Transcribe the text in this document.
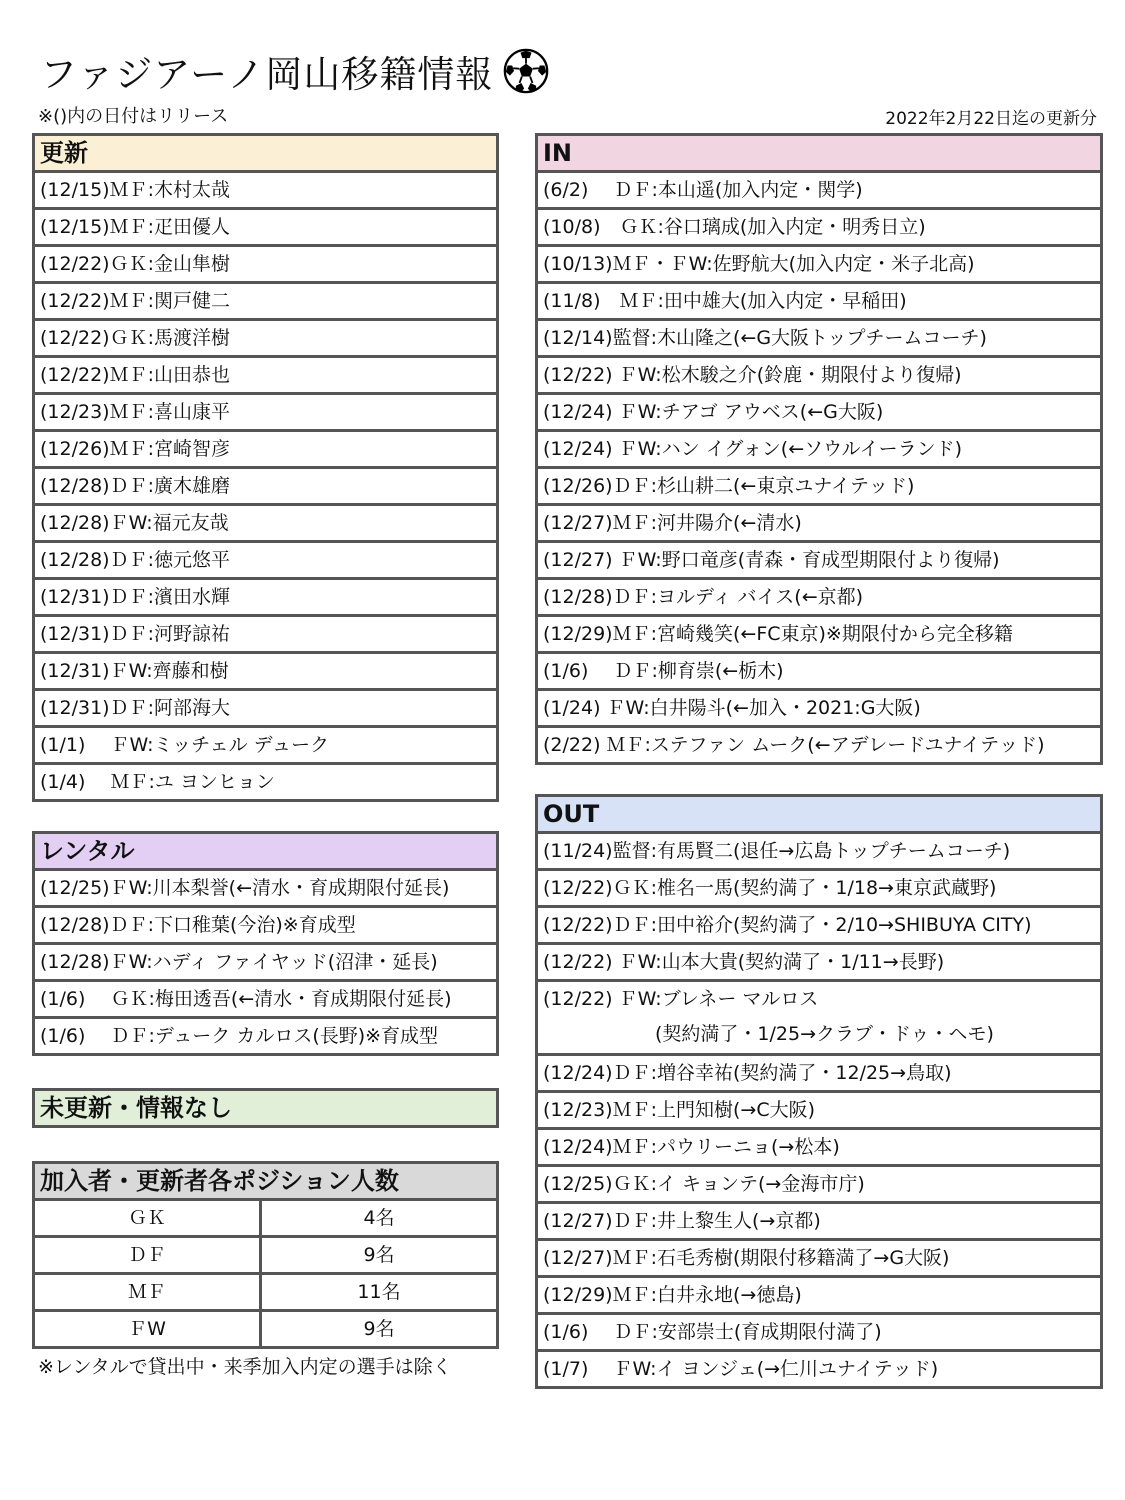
ファジアーノ岡山移籍情報
※()内の日付はリリース	2022年2月22日迄の更新分
更新
(12/15)ＭＦ:木村太哉
(12/15)ＭＦ:疋田優人
(12/22)ＧＫ:金山隼樹
(12/22)ＭＦ:関戸健二
(12/22)ＧＫ:馬渡洋樹
(12/22)ＭＦ:山田恭也
(12/23)ＭＦ:喜山康平
(12/26)ＭＦ:宮崎智彦
(12/28)ＤＦ:廣木雄磨
(12/28)ＦW:福元友哉
(12/28)ＤＦ:徳元悠平
(12/31)ＤＦ:濱田水輝
(12/31)ＤＦ:河野諒祐
(12/31)ＦW:齊藤和樹
(12/31)ＤＦ:阿部海大
(1/1)　 ＦW:ミッチェル デューク
(1/4)　 ＭＦ:ユ ヨンヒョン
レンタル
(12/25)ＦW:川本梨誉(←清水・育成期限付延長)
(12/28)ＤＦ:下口稚葉(今治)※育成型
(12/28)ＦW:ハディ ファイヤッド(沼津・延長)
(1/6)　 ＧＫ:梅田透吾(←清水・育成期限付延長)
(1/6)　 ＤＦ:デューク カルロス(長野)※育成型
未更新・情報なし
加入者・更新者各ポジション人数
ＧＫ	4名
ＤＦ	9名
ＭＦ	11名
ＦW	9名
※レンタルで貸出中・来季加入内定の選手は除く
IN
(6/2)　 ＤＦ:本山遥(加入内定・関学)
(10/8)　ＧＫ:谷口璃成(加入内定・明秀日立)
(10/13)ＭＦ・ＦW:佐野航大(加入内定・米子北高)
(11/8)　ＭＦ:田中雄大(加入内定・早稲田)
(12/14)監督:木山隆之(←G大阪トップチームコーチ)
(12/22) ＦW:松木駿之介(鈴鹿・期限付より復帰)
(12/24) ＦW:チアゴ アウベス(←G大阪)
(12/24) ＦW:ハン イグォン(←ソウルイーランド)
(12/26)ＤＦ:杉山耕二(←東京ユナイテッド)
(12/27)ＭＦ:河井陽介(←清水)
(12/27) ＦW:野口竜彦(青森・育成型期限付より復帰)
(12/28)ＤＦ:ヨルディ バイス(←京都)
(12/29)ＭＦ:宮崎幾笑(←FC東京)※期限付から完全移籍
(1/6)　 ＤＦ:柳育崇(←栃木)
(1/24) ＦW:白井陽斗(←加入・2021:G大阪)
(2/22) ＭＦ:ステファン ムーク(←アデレードユナイテッド)
OUT
(11/24)監督:有馬賢二(退任→広島トップチームコーチ)
(12/22)ＧＫ:椎名一馬(契約満了・1/18→東京武蔵野)
(12/22)ＤＦ:田中裕介(契約満了・2/10→SHIBUYA CITY)
(12/22) ＦW:山本大貴(契約満了・1/11→長野)
(12/22) ＦW:ブレネー マルロス
(契約満了・1/25→クラブ・ドゥ・ヘモ)
(12/24)ＤＦ:増谷幸祐(契約満了・12/25→鳥取)
(12/23)ＭＦ:上門知樹(→C大阪)
(12/24)ＭＦ:パウリーニョ(→松本)
(12/25)ＧＫ:イ キョンテ(→金海市庁)
(12/27)ＤＦ:井上黎生人(→京都)
(12/27)ＭＦ:石毛秀樹(期限付移籍満了→G大阪)
(12/29)ＭＦ:白井永地(→徳島)
(1/6)　 ＤＦ:安部崇士(育成期限付満了)
(1/7)　 ＦW:イ ヨンジェ(→仁川ユナイテッド)
